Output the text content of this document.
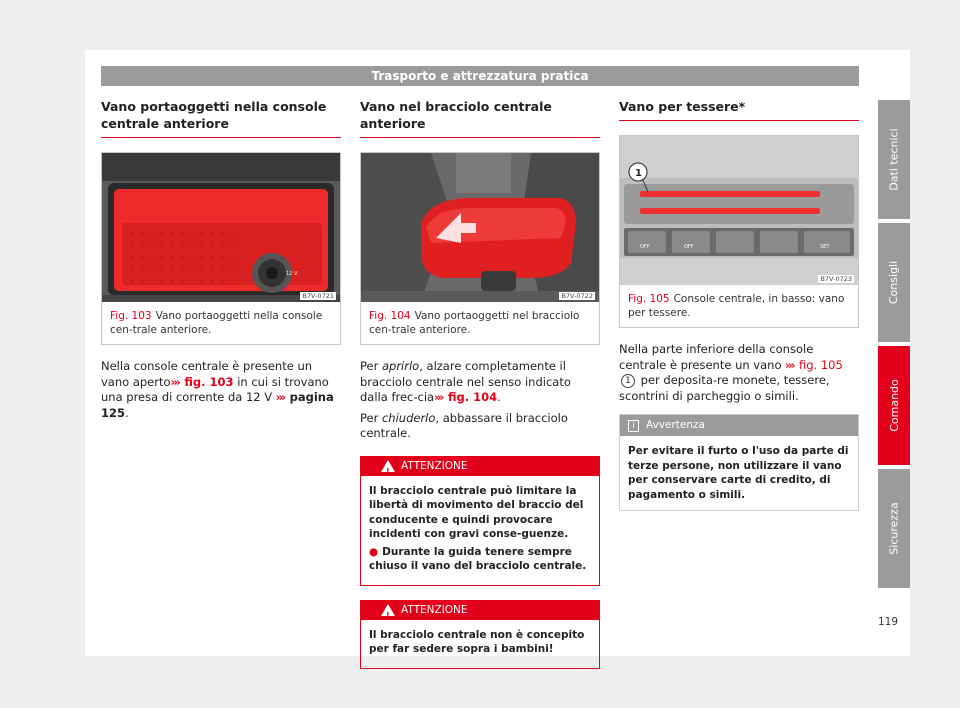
Trasporto e attrezzatura pratica
Vano portaoggetti nella console centrale anteriore
12 V
B7V-0721
Fig. 103 Vano portaoggetti nella console cen-trale anteriore.

Nella console centrale è presente un vano aperto››› fig. 103 in cui si trovano una presa di corrente da 12 V ››› pagina 125.

Vano nel bracciolo centrale anteriore
B7V-0722
Fig. 104 Vano portaoggetti nel bracciolo cen-trale anteriore.

Per aprirlo, alzare completamente il bracciolo centrale nel senso indicato dalla frec-cia››› fig. 104.

Per chiuderlo, abbassare il bracciolo centrale.

!
ATTENZIONE

Il bracciolo centrale può limitare la libertà di movimento del braccio del conducente e quindi provocare incidenti con gravi conse-guenze.

● Durante la guida tenere sempre chiuso il vano del bracciolo centrale.

!
ATTENZIONE

Il bracciolo centrale non è concepito per far sedere sopra i bambini!

Vano per tessere*
OFF	OFF	SET
1
B7V-0723
Fig. 105 Console centrale, in basso: vano per tessere.

Nella parte inferiore della console centrale è presente un vano ››› fig. 105 1 per deposita-re monete, tessere, scontrini di parcheggio o simili.

i	Avvertenza
Per evitare il furto o l'uso da parte di terze persone, non utilizzare il vano per conservare carte di credito, di pagamento o simili.
Dati tecnici
Consigli
Comando
Sicurezza
119
